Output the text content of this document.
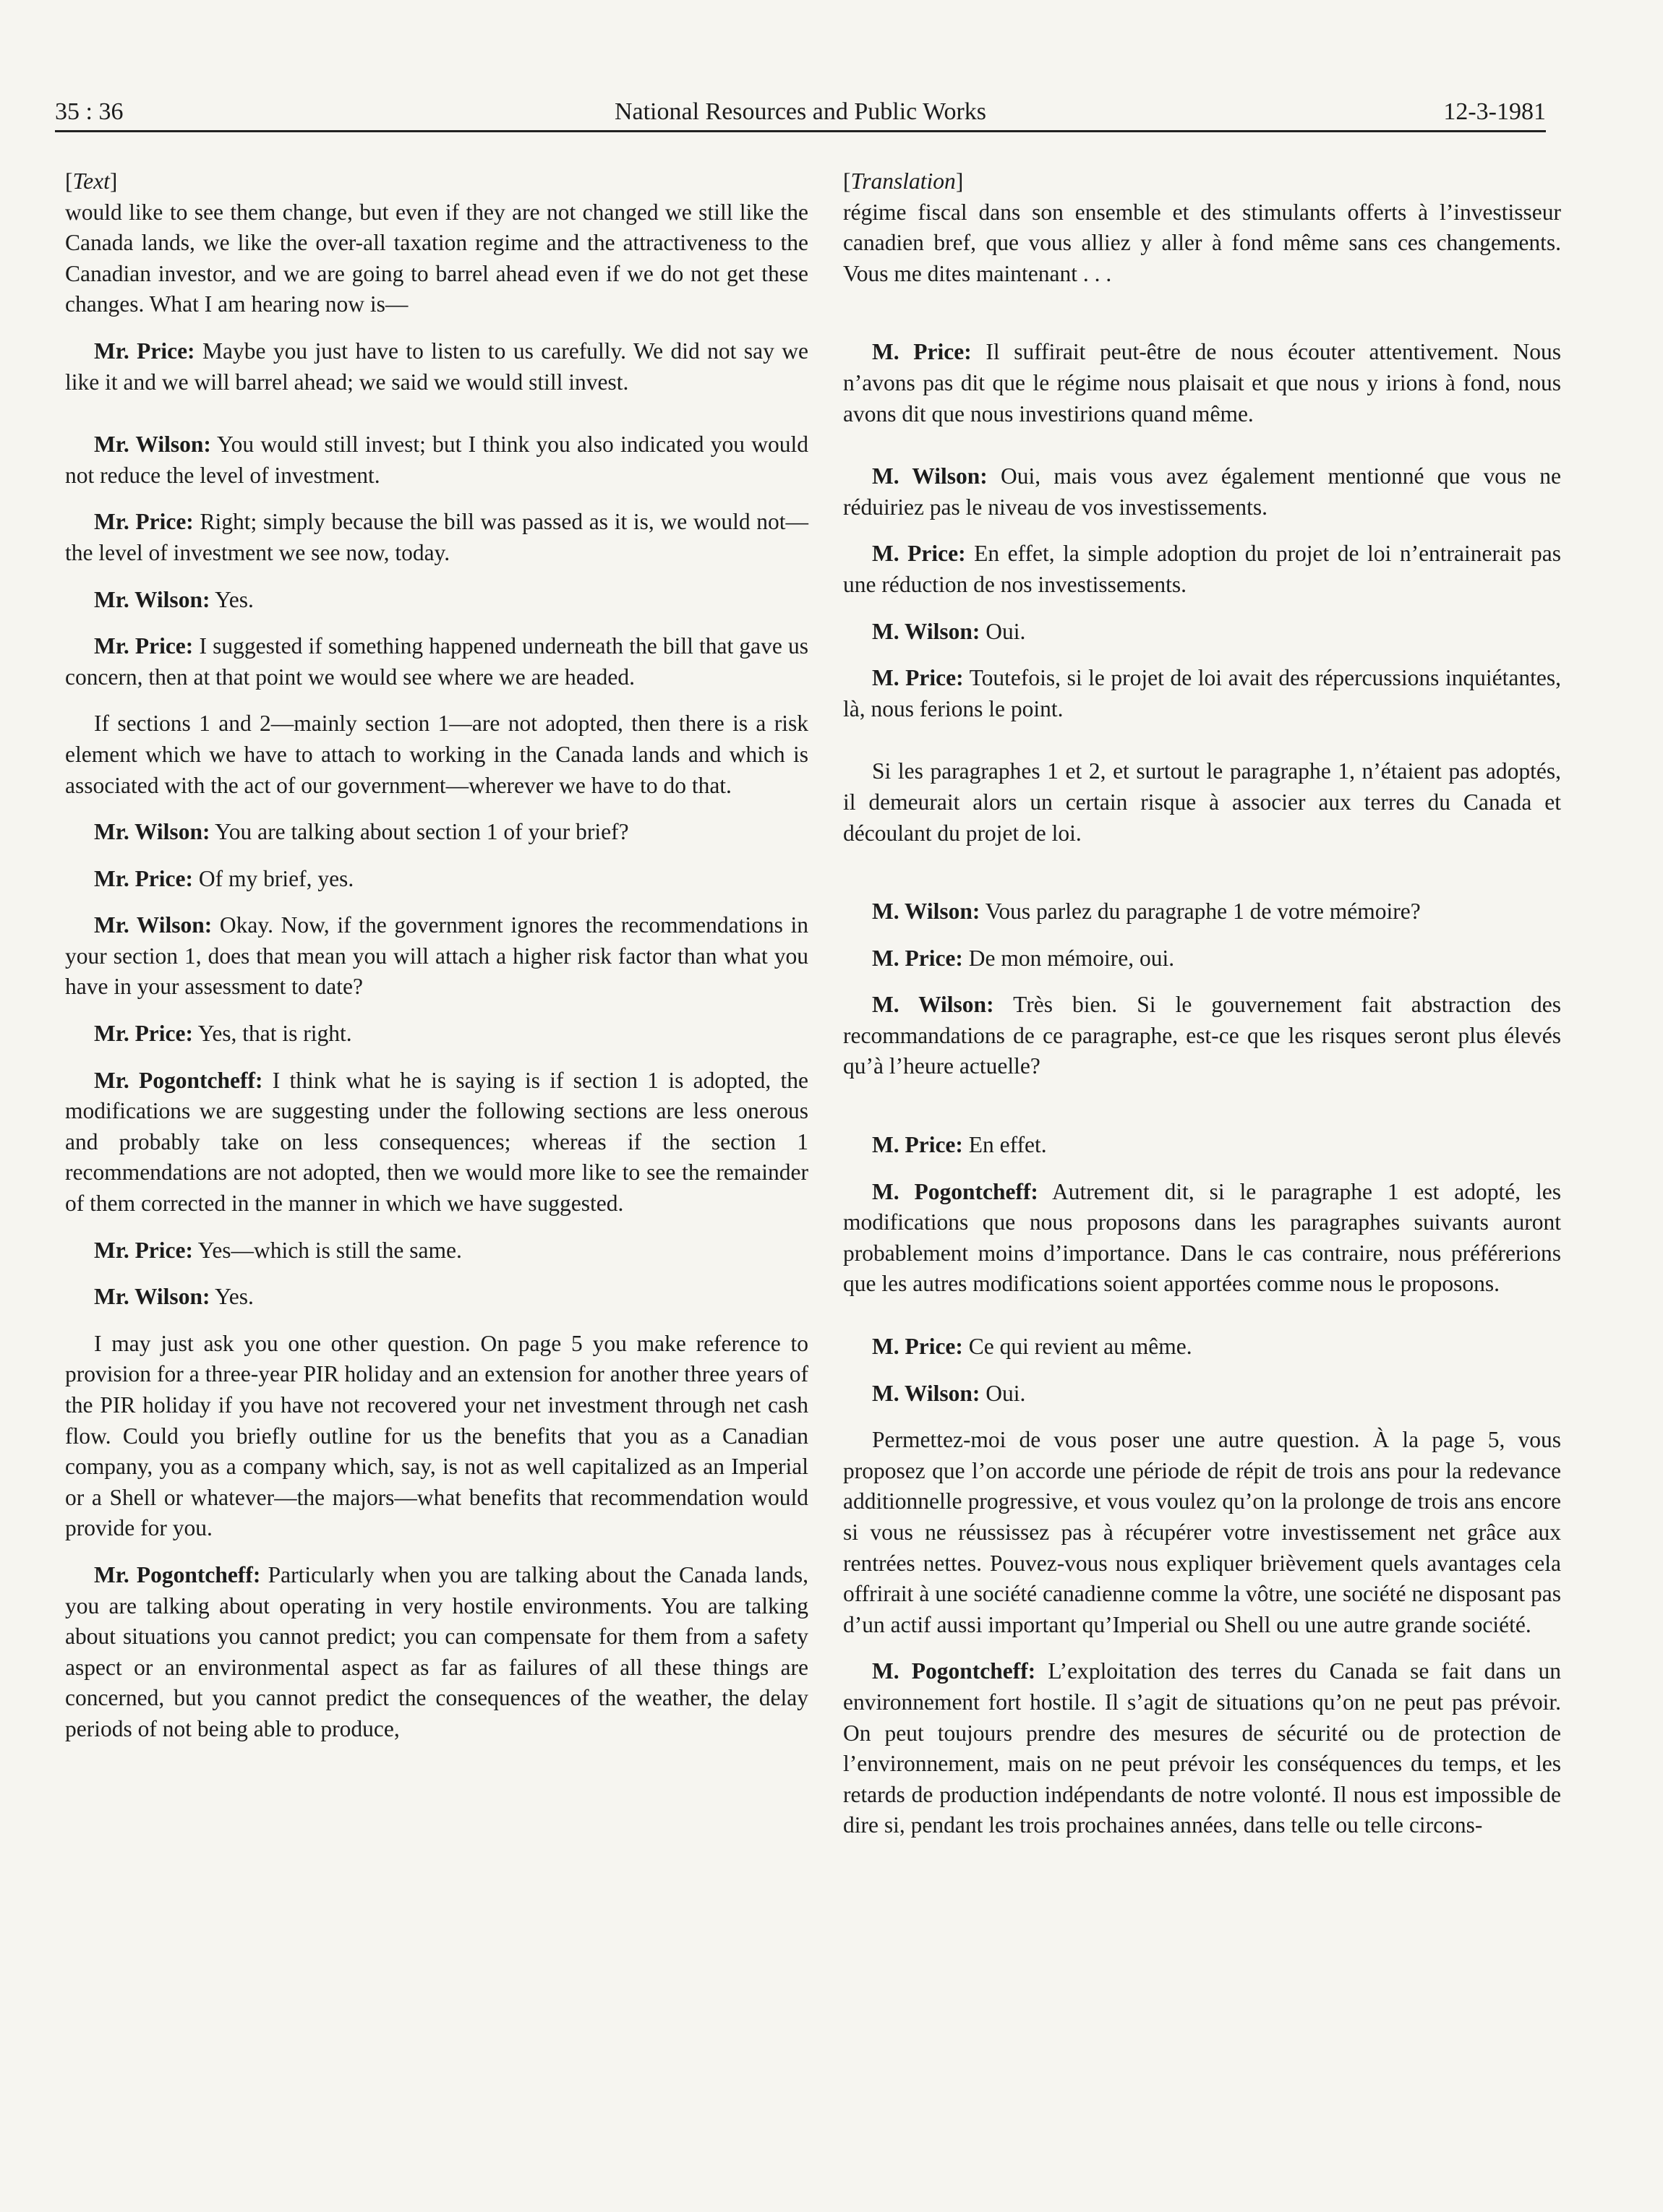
35 : 36	National Resources and Public Works	12-3-1981

[Text]

would like to see them change, but even if they are not changed we still like the Canada lands, we like the over-all taxation regime and the attractiveness to the Canadian investor, and we are going to barrel ahead even if we do not get these changes. What I am hearing now is—

Mr. Price: Maybe you just have to listen to us carefully. We did not say we like it and we will barrel ahead; we said we would still invest.

Mr. Wilson: You would still invest; but I think you also indicated you would not reduce the level of investment.

Mr. Price: Right; simply because the bill was passed as it is, we would not—the level of investment we see now, today.

Mr. Wilson: Yes.

Mr. Price: I suggested if something happened underneath the bill that gave us concern, then at that point we would see where we are headed.

If sections 1 and 2—mainly section 1—are not adopted, then there is a risk element which we have to attach to working in the Canada lands and which is associated with the act of our government—wherever we have to do that.

Mr. Wilson: You are talking about section 1 of your brief?

Mr. Price: Of my brief, yes.

Mr. Wilson: Okay. Now, if the government ignores the recommendations in your section 1, does that mean you will attach a higher risk factor than what you have in your assessment to date?

Mr. Price: Yes, that is right.

Mr. Pogontcheff: I think what he is saying is if section 1 is adopted, the modifications we are suggesting under the following sections are less onerous and probably take on less consequences; whereas if the section 1 recommendations are not adopted, then we would more like to see the remainder of them corrected in the manner in which we have suggested.

Mr. Price: Yes—which is still the same.

Mr. Wilson: Yes.

I may just ask you one other question. On page 5 you make reference to provision for a three-year PIR holiday and an extension for another three years of the PIR holiday if you have not recovered your net investment through net cash flow. Could you briefly outline for us the benefits that you as a Canadian company, you as a company which, say, is not as well capitalized as an Imperial or a Shell or whatever—the majors—what benefits that recommendation would provide for you.

Mr. Pogontcheff: Particularly when you are talking about the Canada lands, you are talking about operating in very hostile environments. You are talking about situations you cannot predict; you can compensate for them from a safety aspect or an environmental aspect as far as failures of all these things are concerned, but you cannot predict the consequences of the weather, the delay periods of not being able to produce,

[Translation]

régime fiscal dans son ensemble et des stimulants offerts à l’investisseur canadien bref, que vous alliez y aller à fond même sans ces changements. Vous me dites maintenant . . .

M. Price: Il suffirait peut-être de nous écouter attentivement. Nous n’avons pas dit que le régime nous plaisait et que nous y irions à fond, nous avons dit que nous investirions quand même.

M. Wilson: Oui, mais vous avez également mentionné que vous ne réduiriez pas le niveau de vos investissements.

M. Price: En effet, la simple adoption du projet de loi n’entrainerait pas une réduction de nos investissements.

M. Wilson: Oui.

M. Price: Toutefois, si le projet de loi avait des répercussions inquiétantes, là, nous ferions le point.

Si les paragraphes 1 et 2, et surtout le paragraphe 1, n’étaient pas adoptés, il demeurait alors un certain risque à associer aux terres du Canada et découlant du projet de loi.

M. Wilson: Vous parlez du paragraphe 1 de votre mémoire?

M. Price: De mon mémoire, oui.

M. Wilson: Très bien. Si le gouvernement fait abstraction des recommandations de ce paragraphe, est-ce que les risques seront plus élevés qu’à l’heure actuelle?

M. Price: En effet.

M. Pogontcheff: Autrement dit, si le paragraphe 1 est adopté, les modifications que nous proposons dans les paragraphes suivants auront probablement moins d’importance. Dans le cas contraire, nous préférerions que les autres modifications soient apportées comme nous le proposons.

M. Price: Ce qui revient au même.

M. Wilson: Oui.

Permettez-moi de vous poser une autre question. À la page 5, vous proposez que l’on accorde une période de répit de trois ans pour la redevance additionnelle progressive, et vous voulez qu’on la prolonge de trois ans encore si vous ne réussissez pas à récupérer votre investissement net grâce aux rentrées nettes. Pouvez-vous nous expliquer brièvement quels avantages cela offrirait à une société canadienne comme la vôtre, une société ne disposant pas d’un actif aussi important qu’Imperial ou Shell ou une autre grande société.

M. Pogontcheff: L’exploitation des terres du Canada se fait dans un environnement fort hostile. Il s’agit de situations qu’on ne peut pas prévoir. On peut toujours prendre des mesures de sécurité ou de protection de l’environnement, mais on ne peut prévoir les conséquences du temps, et les retards de production indépendants de notre volonté. Il nous est impossible de dire si, pendant les trois prochaines années, dans telle ou telle circons-
